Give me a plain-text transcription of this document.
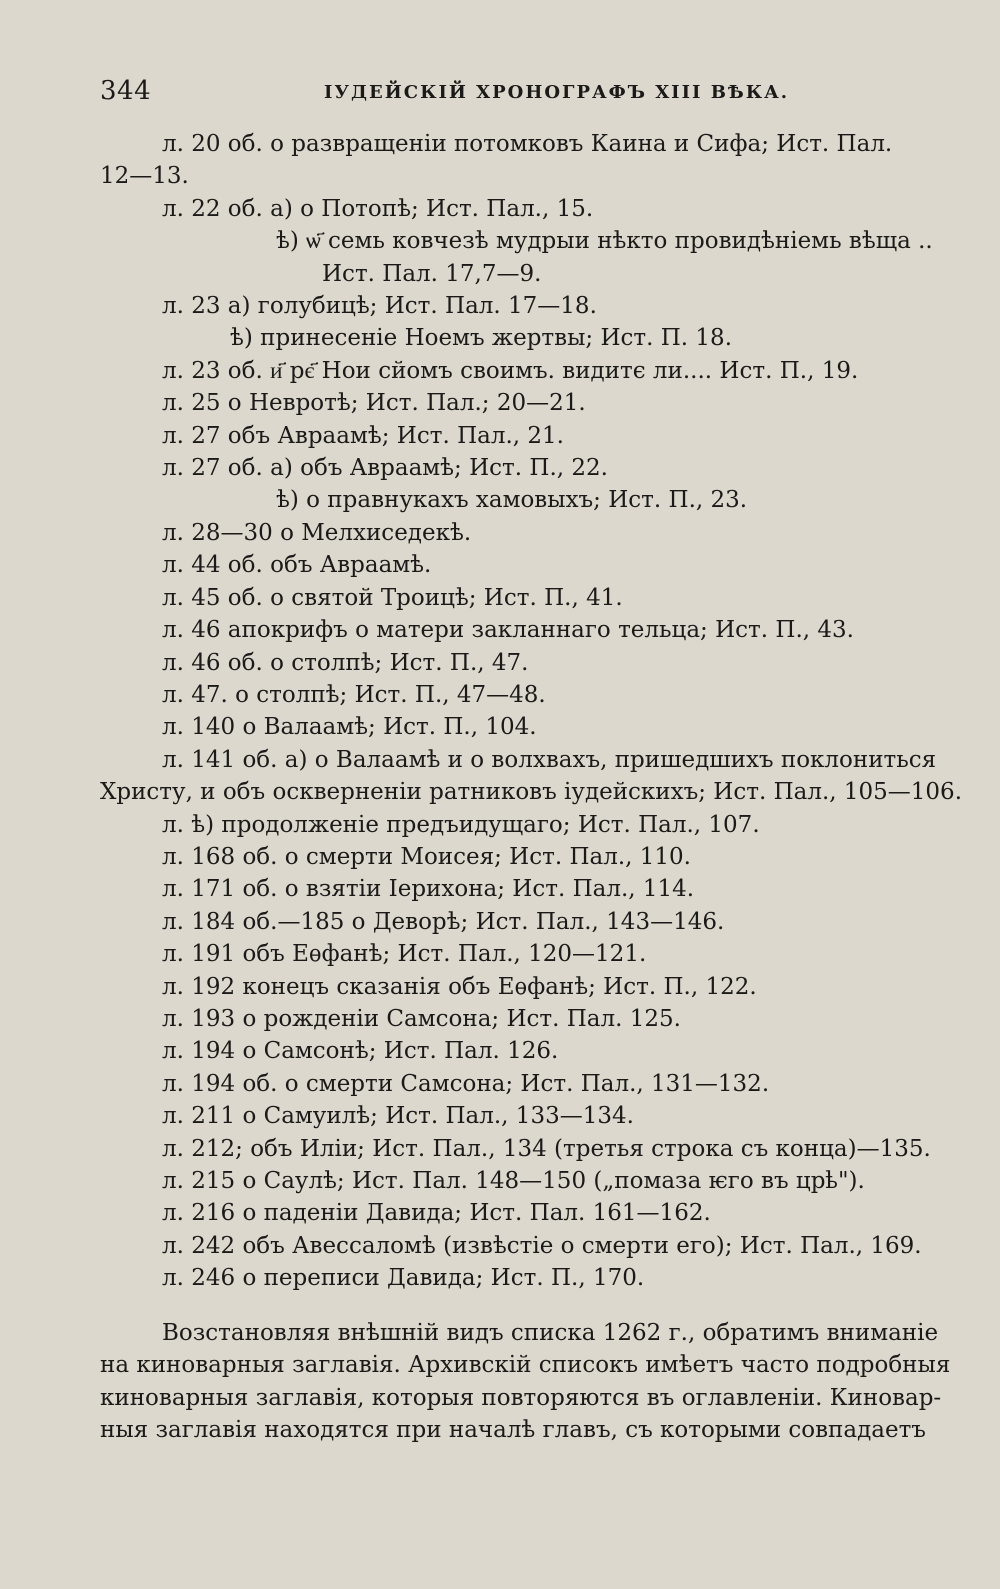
344	ІУДЕЙСКІЙ ХРОНОГРАФЪ XIII ВѢКА.
л. 20 об. о развращеніи потомковъ Каина и Сифа; Ист. Пал.
12—13.
л. 22 об. а) о Потопѣ; Ист. Пал., 15.
ѣ) ѡ҃ семь ковчезѣ мудрыи нѣкто провидѣніемь вѣща ..
Ист. Пал. 17,7—9.
л. 23 а) голубицѣ; Ист. Пал. 17—18.
ѣ) принесеніе Ноемъ жертвы; Ист. П. 18.
л. 23 об. и҃ рє҃ Нои сйомъ своимъ. видитє ли.... Ист. П., 19.
л. 25 о Невротѣ; Ист. Пал.; 20—21.
л. 27 объ Авраамѣ; Ист. Пал., 21.
л. 27 об. а) объ Авраамѣ; Ист. П., 22.
ѣ) о правнукахъ хамовыхъ; Ист. П., 23.
л. 28—30 о Мелхиседекѣ.
л. 44 об. объ Авраамѣ.
л. 45 об. о святой Троицѣ; Ист. П., 41.
л. 46 апокрифъ о матери закланнаго тельца; Ист. П., 43.
л. 46 об. о столпѣ; Ист. П., 47.
л. 47. о столпѣ; Ист. П., 47—48.
л. 140 о Валаамѣ; Ист. П., 104.
л. 141 об. а) о Валаамѣ и о волхвахъ, пришедшихъ поклониться
Христу, и объ оскверненіи ратниковъ іудейскихъ; Ист. Пал., 105—106.
л. ѣ) продолженіе предъидущаго; Ист. Пал., 107.
л. 168 об. о смерти Моисея; Ист. Пал., 110.
л. 171 об. о взятіи Іерихона; Ист. Пал., 114.
л. 184 об.—185 о Деворѣ; Ист. Пал., 143—146.
л. 191 объ Еѳфанѣ; Ист. Пал., 120—121.
л. 192 конецъ сказанія объ Еѳфанѣ; Ист. П., 122.
л. 193 о рожденіи Самсона; Ист. Пал. 125.
л. 194 о Самсонѣ; Ист. Пал. 126.
л. 194 об. о смерти Самсона; Ист. Пал., 131—132.
л. 211 о Самуилѣ; Ист. Пал., 133—134.
л. 212; объ Иліи; Ист. Пал., 134 (третья строка съ конца)—135.
л. 215 о Саулѣ; Ист. Пал. 148—150 („помаза ѥго въ црҍ").
л. 216 о паденіи Давида; Ист. Пал. 161—162.
л. 242 объ Авессаломѣ (извѣстіе о смерти его); Ист. Пал., 169.
л. 246 о переписи Давида; Ист. П., 170.
Возстановляя внѣшній видъ списка 1262 г., обратимъ вниманіе
на киноварныя заглавія. Архивскій списокъ имѣетъ часто подробныя
киноварныя заглавія, которыя повторяются въ оглавленіи. Киновар-
ныя заглавія находятся при началѣ главъ, съ которыми совпадаетъ
